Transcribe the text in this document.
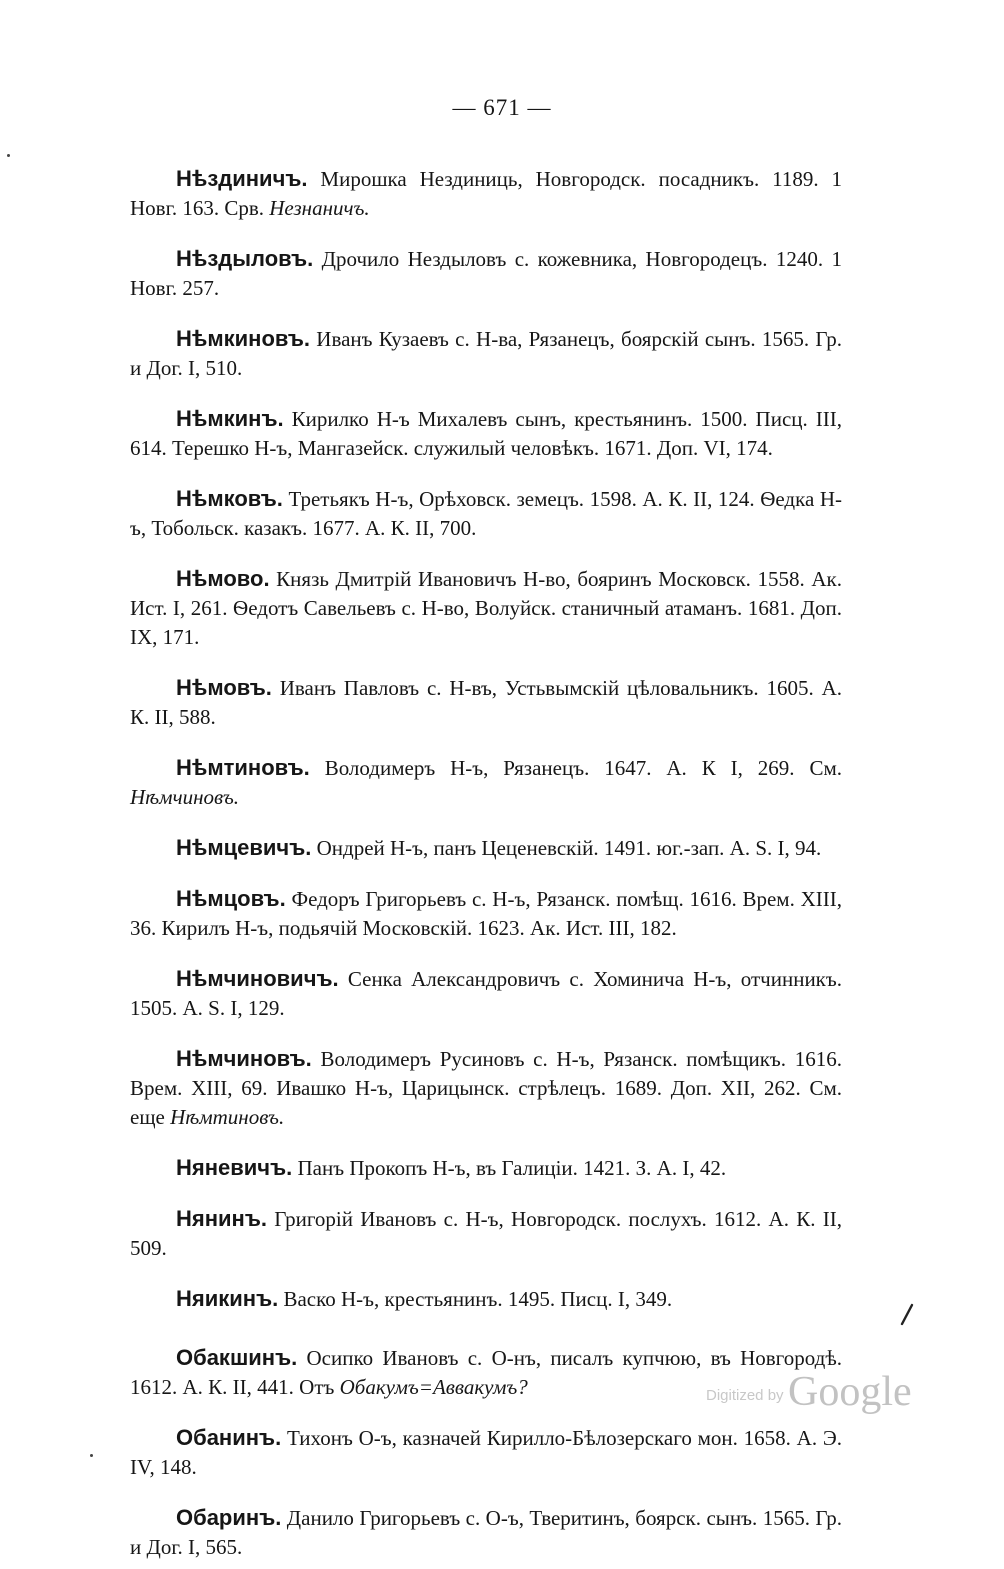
— 671 —

Нѣздиничъ. Мирошка Нездиниць, Новгородск. посадникъ. 1189. 1 Новг. 163. Срв. Незнаничъ.

Нѣздыловъ. Дрочило Нездыловъ с. кожевника, Новгородецъ. 1240. 1 Новг. 257.

Нѣмкиновъ. Иванъ Кузаевъ с. Н-ва, Рязанецъ, боярскій сынъ. 1565. Гр. и Дог. I, 510.

Нѣмкинъ. Кирилко Н-ъ Михалевъ сынъ, крестьянинъ. 1500. Писц. III, 614. Терешко Н-ъ, Мангазейск. служилый человѣкъ. 1671. Доп. VI, 174.

Нѣмковъ. Третьякъ Н-ъ, Орѣховск. земецъ. 1598. А. К. II, 124. Ѳедка Н-ъ, Тобольск. казакъ. 1677. А. К. II, 700.

Нѣмово. Князь Дмитрій Ивановичъ Н-во, бояринъ Московск. 1558. Ак. Ист. I, 261. Ѳедотъ Савельевъ с. Н-во, Волуйск. станичный атаманъ. 1681. Доп. IX, 171.

Нѣмовъ. Иванъ Павловъ с. Н-въ, Устьвымскій цѣловальникъ. 1605. А. К. II, 588.

Нѣмтиновъ. Володимеръ Н-ъ, Рязанецъ. 1647. А. К I, 269. См. Нѣмчиновъ.

Нѣмцевичъ. Ондрей Н-ъ, панъ Цеценевскій. 1491. юг.-зап. А. S. I, 94.

Нѣмцовъ. Федоръ Григорьевъ с. Н-ъ, Рязанск. помѣщ. 1616. Врем. XIII, 36. Кирилъ Н-ъ, подьячій Московскій. 1623. Ак. Ист. III, 182.

Нѣмчиновичъ. Сенка Александровичъ с. Хоминича Н-ъ, отчинникъ. 1505. А. S. I, 129.

Нѣмчиновъ. Володимеръ Русиновъ с. Н-ъ, Рязанск. помѣщикъ. 1616. Врем. XIII, 69. Ивашко Н-ъ, Царицынск. стрѣлецъ. 1689. Доп. XII, 262. См. еще Нѣмтиновъ.

Няневичъ. Панъ Прокопъ Н-ъ, въ Галиціи. 1421. З. А. I, 42.

Нянинъ. Григорій Ивановъ с. Н-ъ, Новгородск. послухъ. 1612. А. К. II, 509.

Няикинъ. Васко Н-ъ, крестьянинъ. 1495. Писц. I, 349.

Обакшинъ. Осипко Ивановъ с. О-нъ, писалъ купчюю, въ Новгородѣ. 1612. А. К. II, 441. Отъ Обакумъ=Аввакумъ?

Обанинъ. Тихонъ О-ъ, казначей Кирилло-Бѣлозерскаго мон. 1658. А. Э. IV, 148.

Обаринъ. Данило Григорьевъ с. О-ъ, Тверитинъ, боярск. сынъ. 1565. Гр. и Дог. I, 565.

Digitized by Google
